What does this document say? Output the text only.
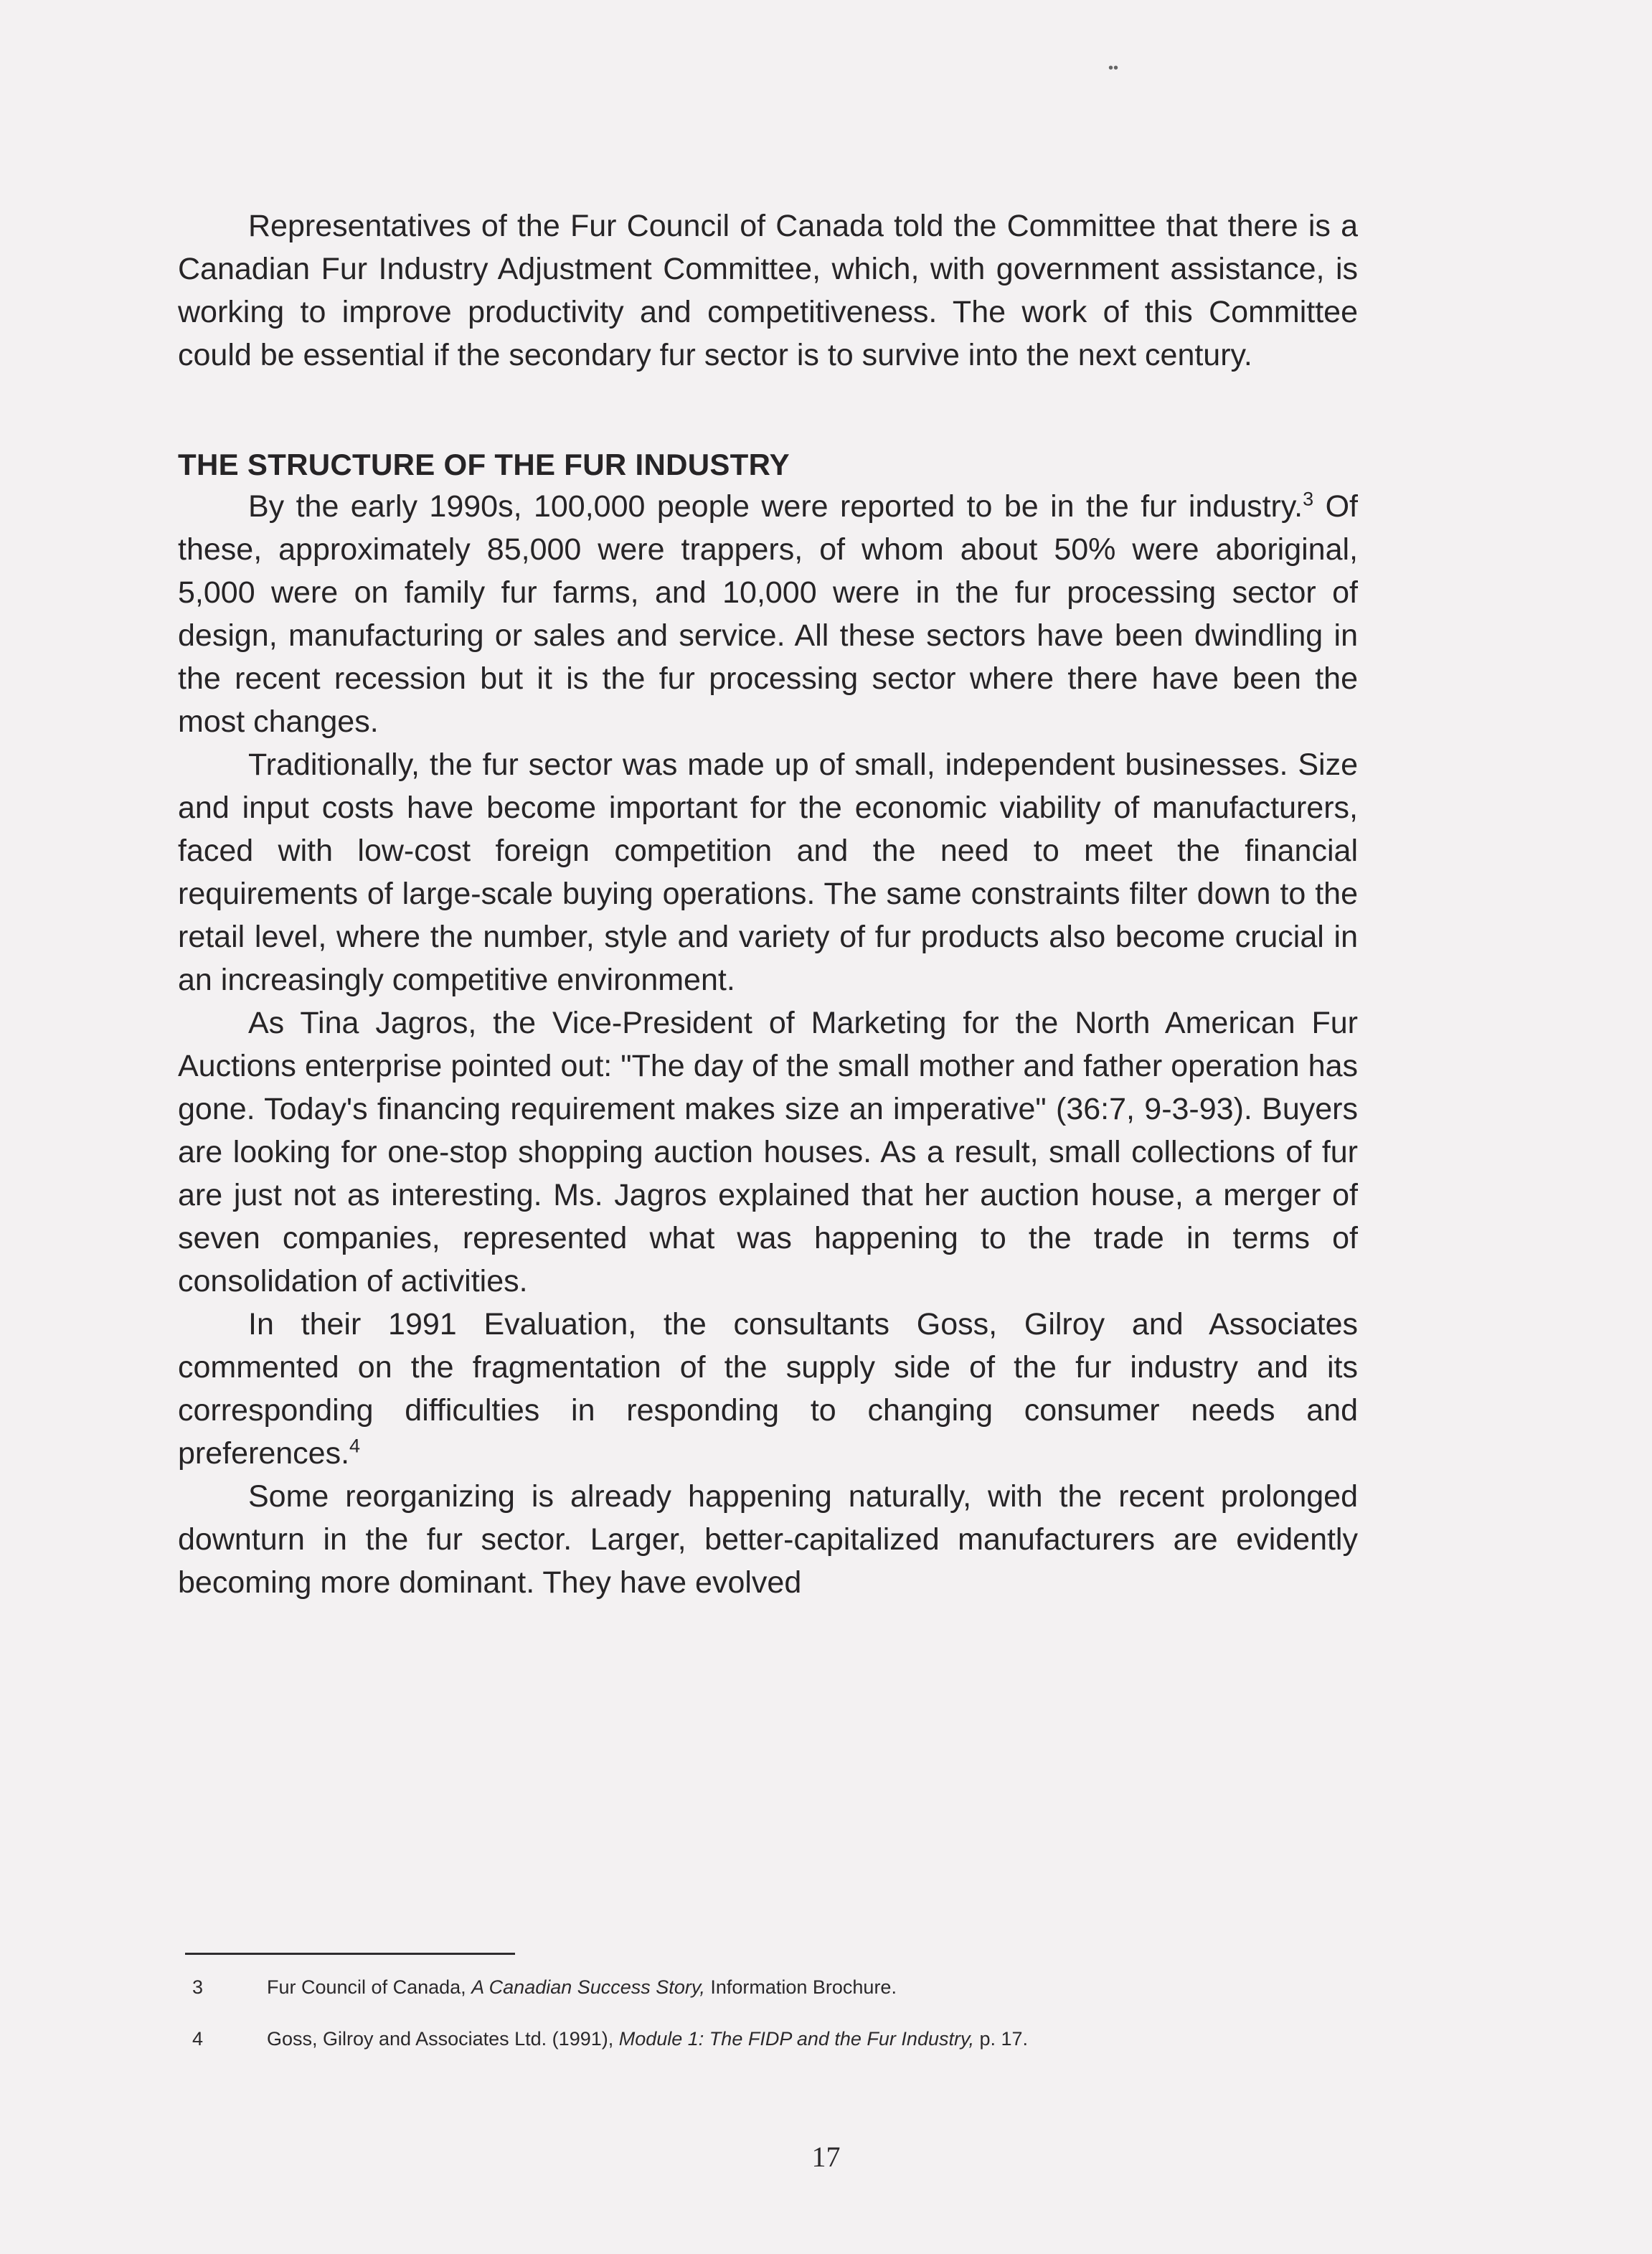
••

Representatives of the Fur Council of Canada told the Committee that there is a Canadian Fur Industry Adjustment Committee, which, with government assistance, is working to improve productivity and competitiveness. The work of this Committee could be essential if the secondary fur sector is to survive into the next century.

THE STRUCTURE OF THE FUR INDUSTRY

By the early 1990s, 100,000 people were reported to be in the fur industry.$^3$ Of these, approximately 85,000 were trappers, of whom about 50% were aboriginal, 5,000 were on family fur farms, and 10,000 were in the fur processing sector of design, manufacturing or sales and service. All these sectors have been dwindling in the recent recession but it is the fur processing sector where there have been the most changes.

Traditionally, the fur sector was made up of small, independent businesses. Size and input costs have become important for the economic viability of manufacturers, faced with low-cost foreign competition and the need to meet the financial requirements of large-scale buying operations. The same constraints filter down to the retail level, where the number, style and variety of fur products also become crucial in an increasingly competitive environment.

As Tina Jagros, the Vice-President of Marketing for the North American Fur Auctions enterprise pointed out: "The day of the small mother and father operation has gone. Today's financing requirement makes size an imperative" (36:7, 9-3-93). Buyers are looking for one-stop shopping auction houses. As a result, small collections of fur are just not as interesting. Ms. Jagros explained that her auction house, a merger of seven companies, represented what was happening to the trade in terms of consolidation of activities.

In their 1991 Evaluation, the consultants Goss, Gilroy and Associates commented on the fragmentation of the supply side of the fur industry and its corresponding difficulties in responding to changing consumer needs and preferences.$^4$

Some reorganizing is already happening naturally, with the recent prolonged downturn in the fur sector. Larger, better-capitalized manufacturers are evidently becoming more dominant. They have evolved

3	Fur Council of Canada, A Canadian Success Story, Information Brochure.
4	Goss, Gilroy and Associates Ltd. (1991), Module 1: The FIDP and the Fur Industry, p. 17.
17
